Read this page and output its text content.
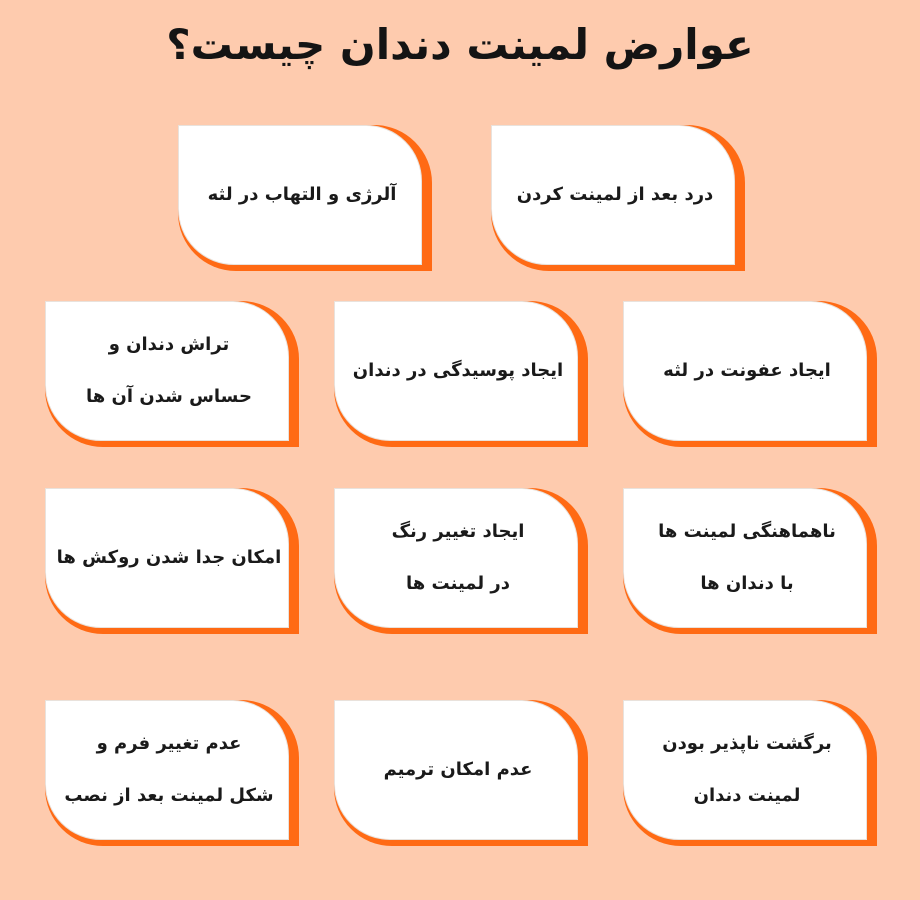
عوارض لمینت دندان چیست؟
درد بعد از لمینت کردن
آلرژی و التهاب در لثه
ایجاد عفونت در لثه
ایجاد پوسیدگی در دندان
تراش دندان و
حساس شدن آن ها
ناهماهنگی لمینت ها
با دندان ها
ایجاد تغییر رنگ
در لمینت ها
امکان جدا شدن روکش ها
برگشت ناپذیر بودن
لمینت دندان
عدم امکان ترمیم
عدم تغییر فرم و
شکل لمینت بعد از نصب
